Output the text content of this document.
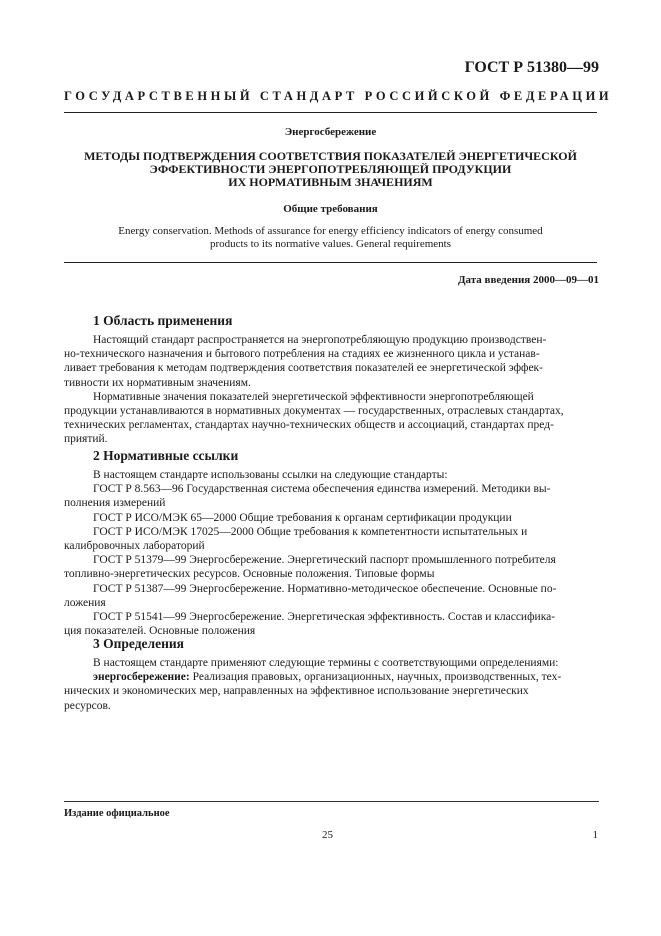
ГОСТ Р 51380—99
ГОСУДАРСТВЕННЫЙ СТАНДАРТ РОССИЙСКОЙ ФЕДЕРАЦИИ
Энергосбережение
МЕТОДЫ ПОДТВЕРЖДЕНИЯ СООТВЕТСТВИЯ ПОКАЗАТЕЛЕЙ ЭНЕРГЕТИЧЕСКОЙ
ЭФФЕКТИВНОСТИ ЭНЕРГОПОТРЕБЛЯЮЩЕЙ ПРОДУКЦИИ
ИХ НОРМАТИВНЫМ ЗНАЧЕНИЯМ
Общие требования
Energy conservation. Methods of assurance for energy efficiency indicators of energy consumed
products to its normative values. General requirements
Дата введения 2000—09—01
1 Область применения
Настоящий стандарт распространяется на энергопотребляющую продукцию производствен-
но-технического назначения и бытового потребления на стадиях ее жизненного цикла и устанав-
ливает требования к методам подтверждения соответствия показателей ее энергетической эффек-
тивности их нормативным значениям.
Нормативные значения показателей энергетической эффективности энергопотребляющей
продукции устанавливаются в нормативных документах — государственных, отраслевых стандартах,
технических регламентах, стандартах научно-технических обществ и ассоциаций, стандартах пред-
приятий.
2 Нормативные ссылки
В настоящем стандарте использованы ссылки на следующие стандарты:
ГОСТ Р 8.563—96 Государственная система обеспечения единства измерений. Методики вы-
полнения измерений
ГОСТ Р ИСО/МЭК 65—2000 Общие требования к органам сертификации продукции
ГОСТ Р ИСО/МЭК 17025—2000 Общие требования к компетентности испытательных и
калибровочных лабораторий
ГОСТ Р 51379—99 Энергосбережение. Энергетический паспорт промышленного потребителя
топливно-энергетических ресурсов. Основные положения. Типовые формы
ГОСТ Р 51387—99 Энергосбережение. Нормативно-методическое обеспечение. Основные по-
ложения
ГОСТ Р 51541—99 Энергосбережение. Энергетическая эффективность. Состав и классифика-
ция показателей. Основные положения
3 Определения
В настоящем стандарте применяют следующие термины с соответствующими определениями:
энергосбережение: Реализация правовых, организационных, научных, производственных, тех-
нических и экономических мер, направленных на эффективное использование энергетических
ресурсов.
Издание официальное
25	1
